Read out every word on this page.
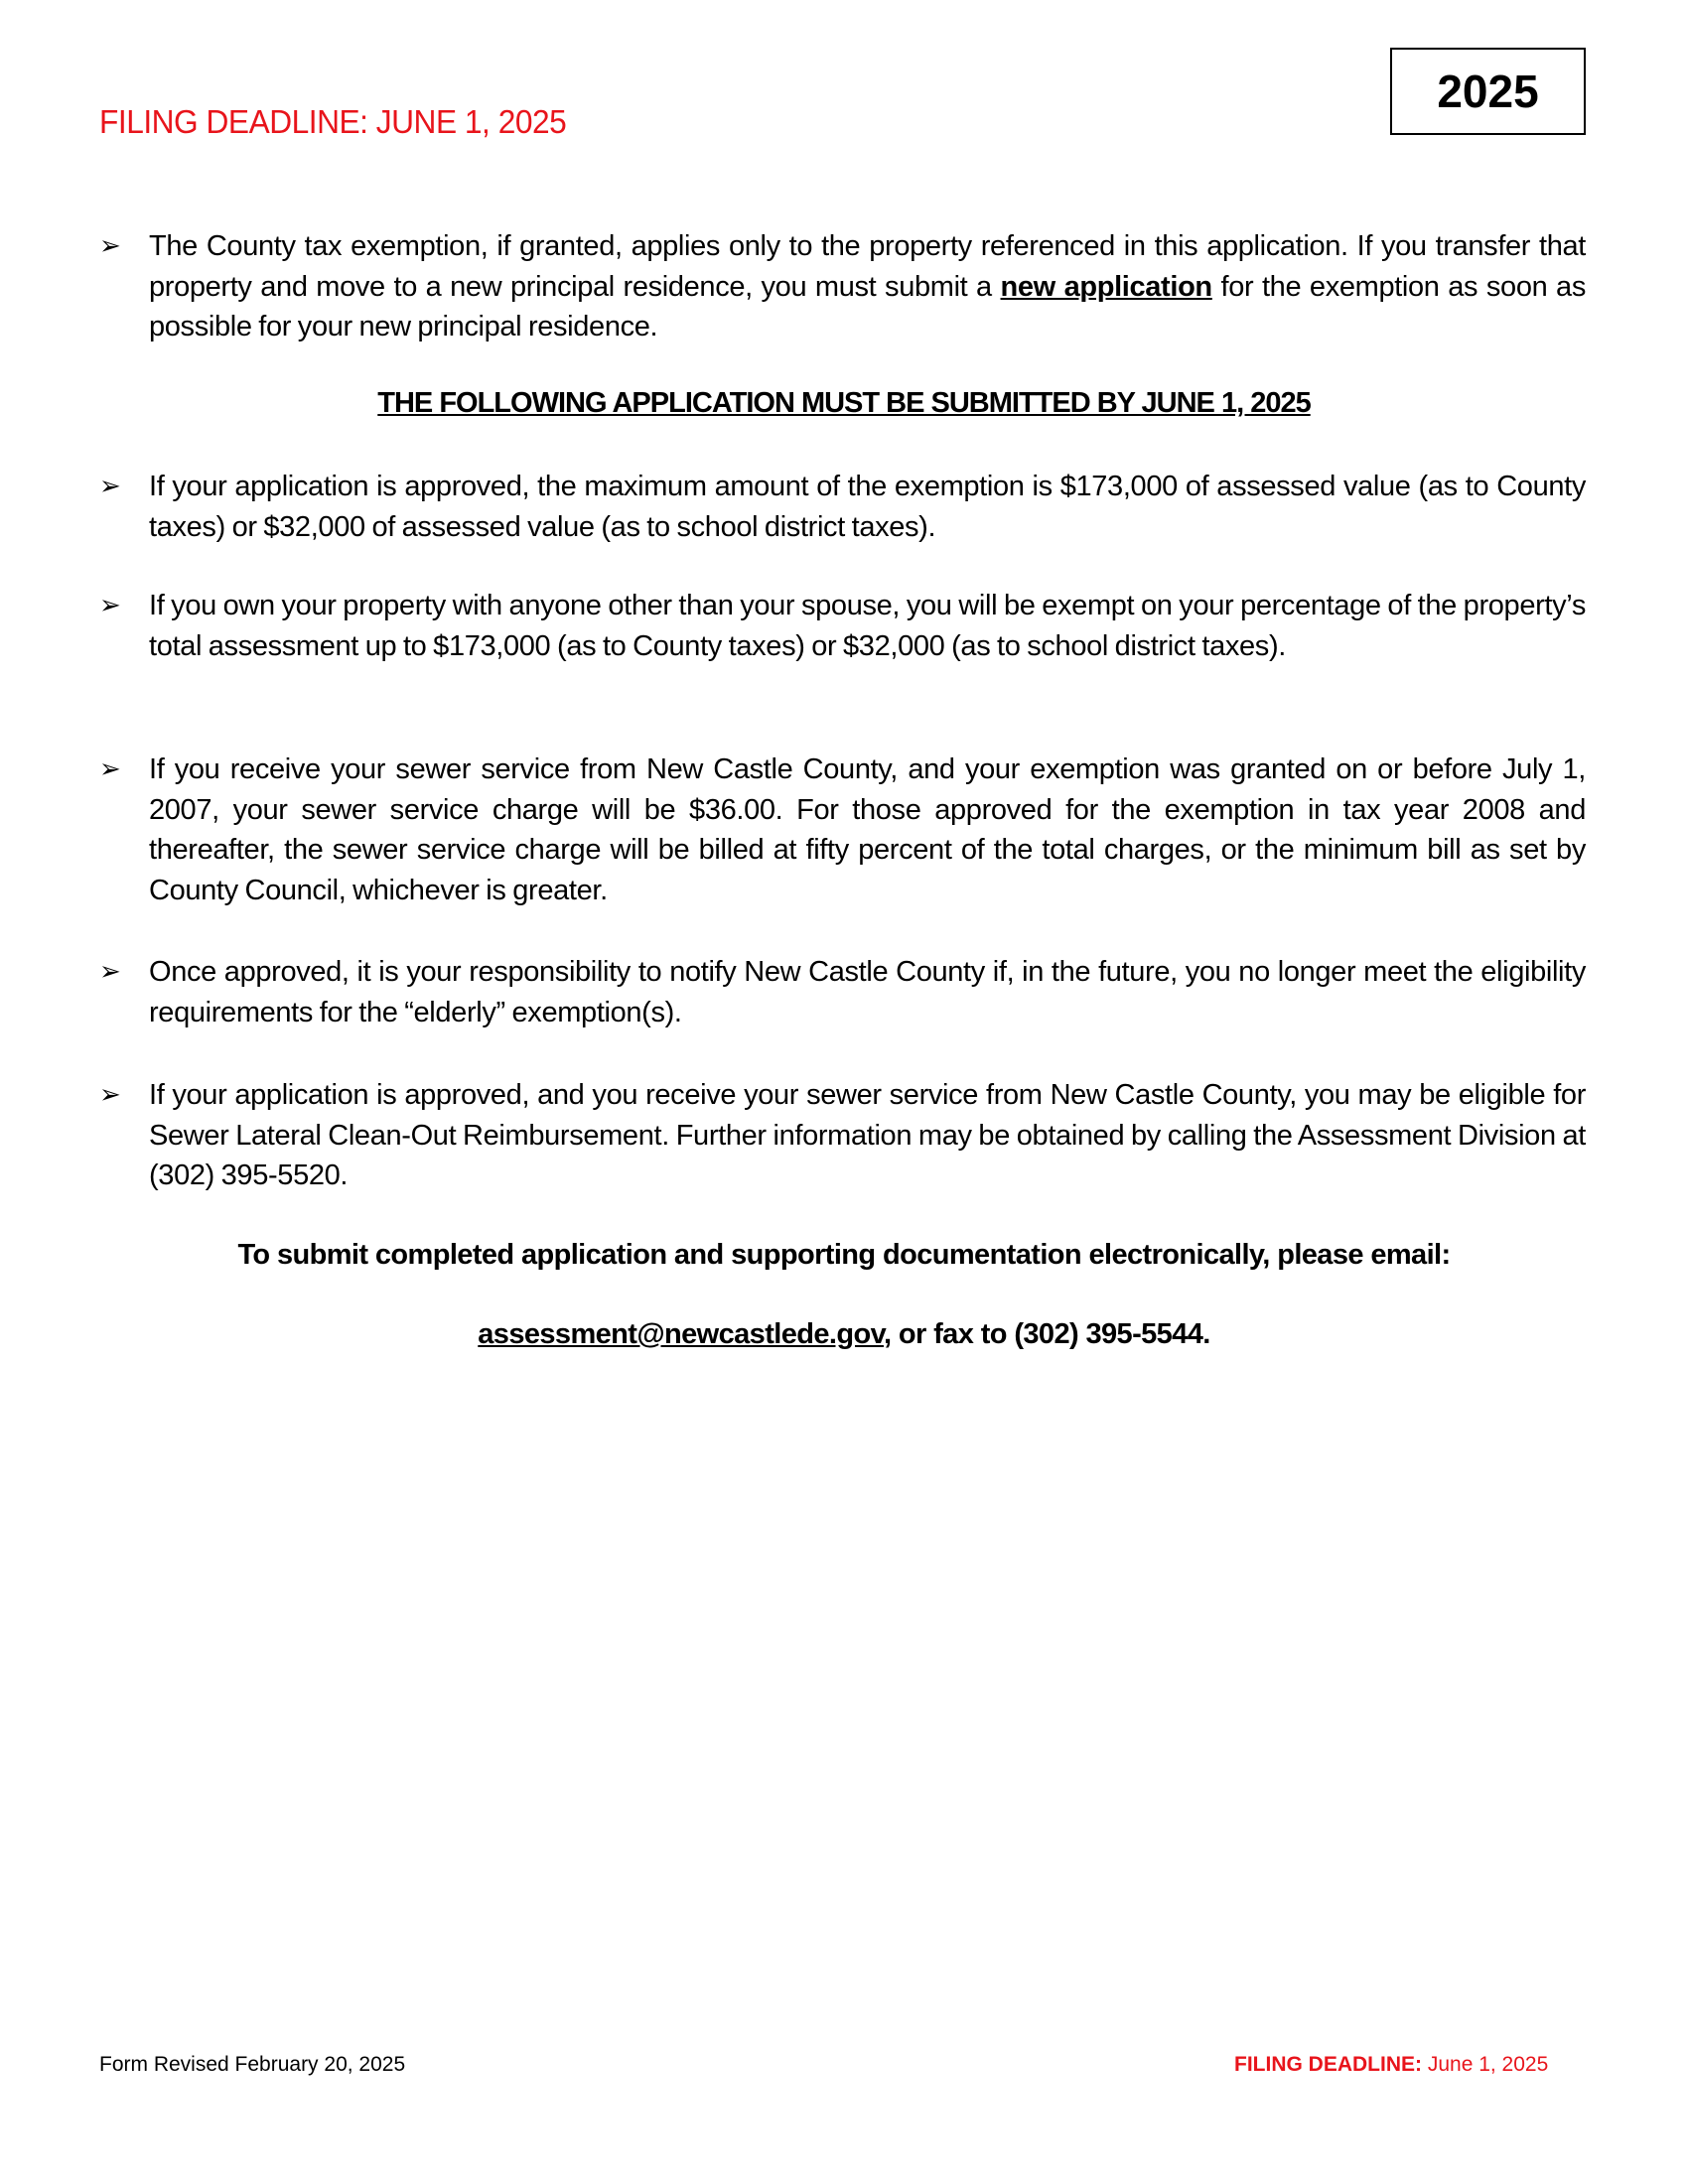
FILING DEADLINE: JUNE 1, 2025
2025
➢ The County tax exemption, if granted, applies only to the property referenced in this application. If you transfer that property and move to a new principal residence, you must submit a new application for the exemption as soon as possible for your new principal residence.
THE FOLLOWING APPLICATION MUST BE SUBMITTED BY JUNE 1, 2025
➢ If your application is approved, the maximum amount of the exemption is $173,000 of assessed value (as to County taxes) or $32,000 of assessed value (as to school district taxes).
➢ If you own your property with anyone other than your spouse, you will be exempt on your percentage of the property’s total assessment up to $173,000 (as to County taxes) or $32,000 (as to school district taxes).
➢ If you receive your sewer service from New Castle County, and your exemption was granted on or before July 1, 2007, your sewer service charge will be $36.00. For those approved for the exemption in tax year 2008 and thereafter, the sewer service charge will be billed at fifty percent of the total charges, or the minimum bill as set by County Council, whichever is greater.
➢ Once approved, it is your responsibility to notify New Castle County if, in the future, you no longer meet the eligibility requirements for the “elderly” exemption(s).
➢ If your application is approved, and you receive your sewer service from New Castle County, you may be eligible for Sewer Lateral Clean-Out Reimbursement. Further information may be obtained by calling the Assessment Division at (302) 395-5520.
To submit completed application and supporting documentation electronically, please email:
assessment@newcastlede.gov, or fax to (302) 395-5544.
Form Revised February 20, 2025	FILING DEADLINE: June 1, 2025
